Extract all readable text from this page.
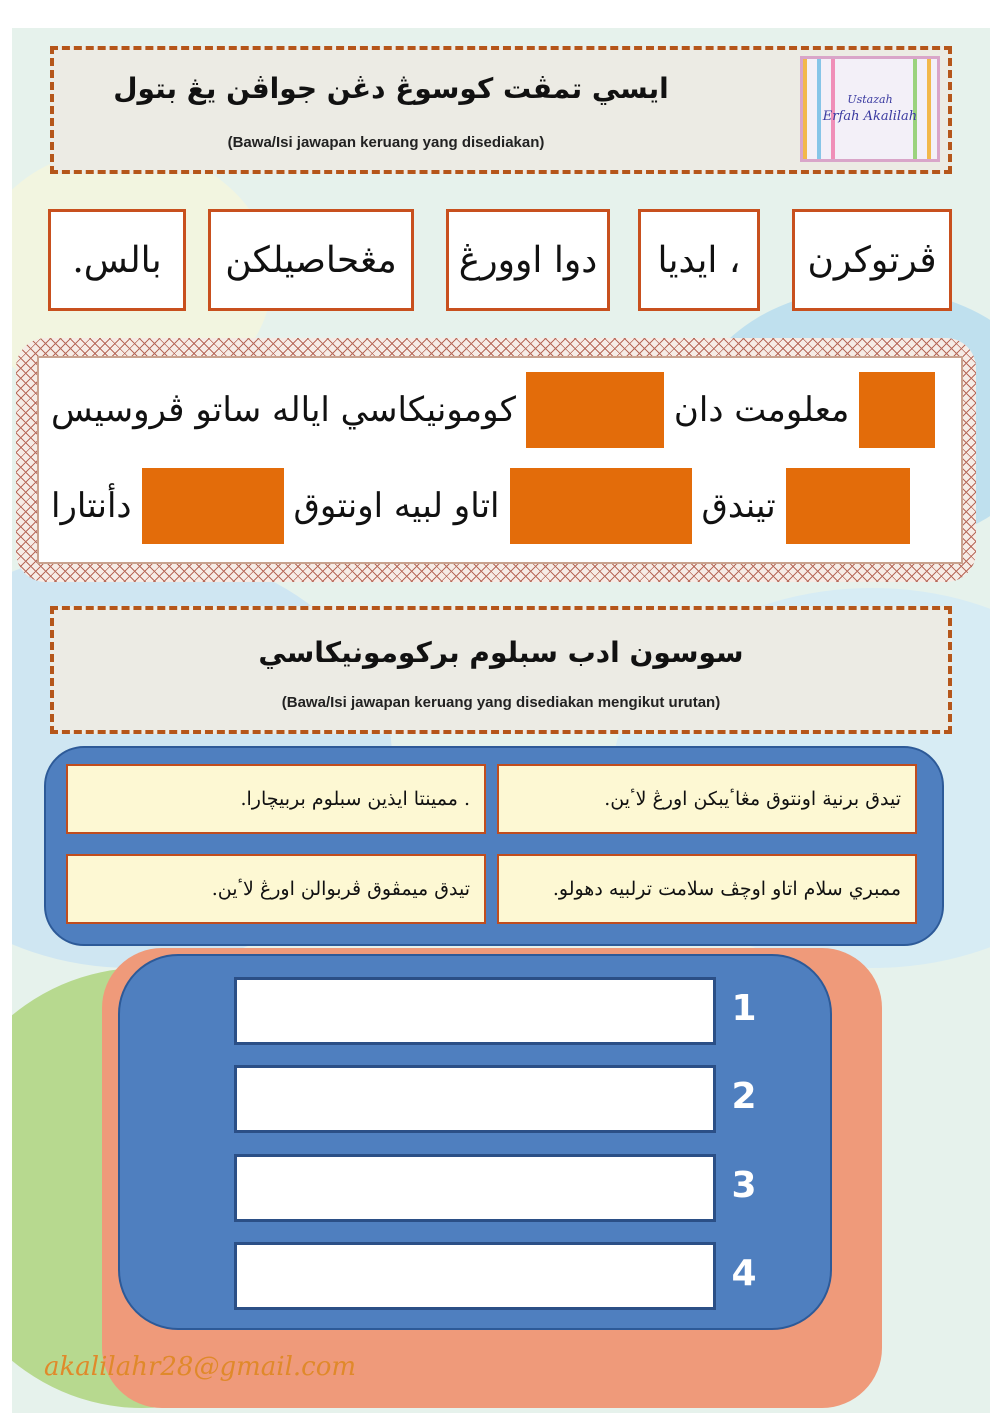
ايسي تمڤت كوسوڠ دڠن جواڤن يڠ بتول
(Bawa/Isi jawapan keruang yang disediakan)
Ustazah
Erfah Akalilah
بالس.	مڠحاصيلكن	دوا اوورڠ	، ايديا	ڤرتوكرن
كومونيكاسي اياله ساتو ڤروسيس	معلومت دان
دأنتارا	اتاو لبيه اونتوق	تيندق
سوسون ادب سبلوم بركومونيكاسي
(Bawa/Isi jawapan keruang yang disediakan mengikut urutan)
تيدق برنية اونتوق مڠاٴيبكن اورڠ لاٴين.
. ممينتا ايذين سبلوم بربيچارا.
ممبري سلام اتاو اوچڤ سلامت ترلبيه دهولو.
تيدق ميمڤوق ڤربوالن اورڠ لاٴين.
1
2
3
4
akalilahr28@gmail.com
